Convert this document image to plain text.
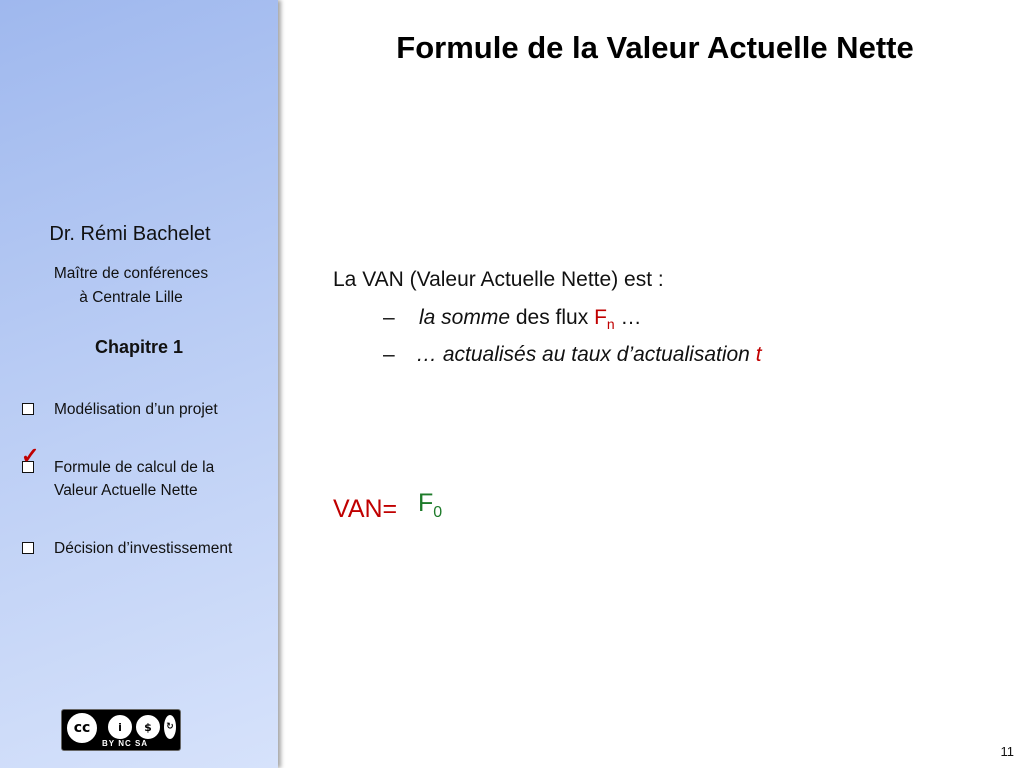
Dr. Rémi Bachelet
Maître de conférences
à Centrale Lille
Chapitre 1
Modélisation d’un projet
✓ Formule de calcul de la
Valeur Actuelle Nette
Décision d’investissement
cc	i	$	↻
BY NC SA
Formule de la Valeur Actuelle Nette
La VAN (Valeur Actuelle Nette) est :
– la somme des flux $F_n$ …
– … actualisés au taux d’actualisation t
$VAN= F_0$
11
